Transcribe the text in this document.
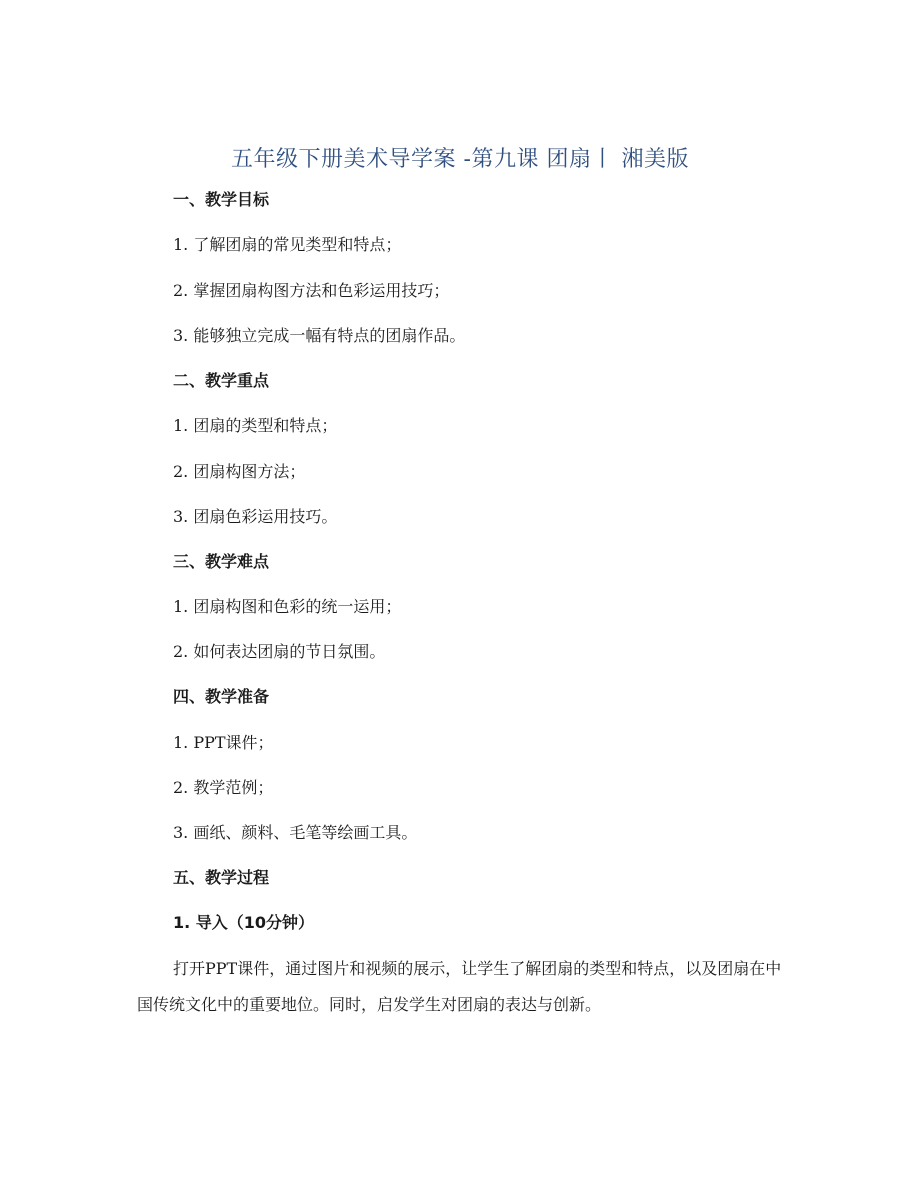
五年级下册美术导学案 -第九课 团扇丨 湘美版
一、教学目标
1. 了解团扇的常见类型和特点；
2. 掌握团扇构图方法和色彩运用技巧；
3. 能够独立完成一幅有特点的团扇作品。
二、教学重点
1. 团扇的类型和特点；
2. 团扇构图方法；
3. 团扇色彩运用技巧。
三、教学难点
1. 团扇构图和色彩的统一运用；
2. 如何表达团扇的节日氛围。
四、教学准备
1. PPT课件；
2. 教学范例；
3. 画纸、颜料、毛笔等绘画工具。
五、教学过程
1. 导入（10分钟）
打开PPT课件，通过图片和视频的展示，让学生了解团扇的类型和特点，以及团扇在中国传统文化中的重要地位。同时，启发学生对团扇的表达与创新。
